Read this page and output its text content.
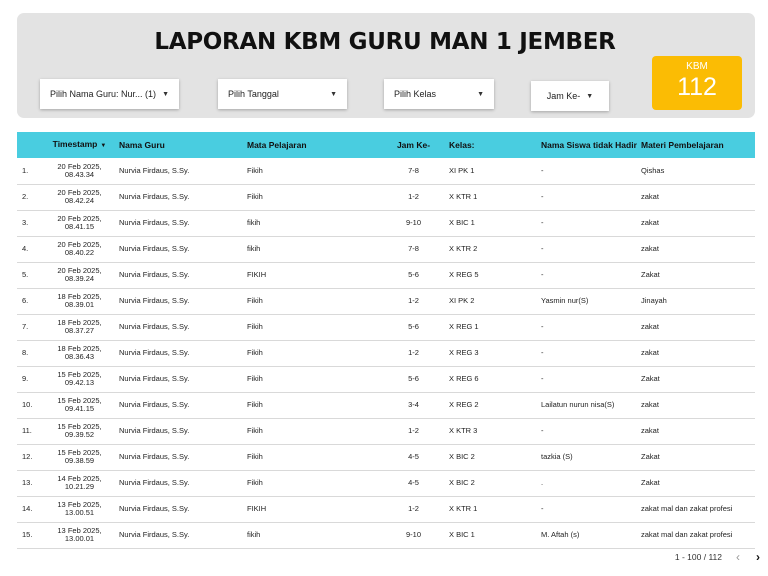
LAPORAN KBM GURU MAN 1 JEMBER
Pilih Nama Guru: Nur... (1) ▼	Pilih Tanggal	▼	Pilih Kelas	▼	Jam Ke- ▼
KBM
112
	Timestamp ▼	Nama Guru	Mata Pelajaran	Jam Ke-	Kelas:	Nama Siswa tidak Hadir	Materi Pembelajaran
1.	20 Feb 2025, 08.43.34	Nurvia Firdaus, S.Sy.	Fikih	7-8	XI PK 1	-	Qishas
2.	20 Feb 2025, 08.42.24	Nurvia Firdaus, S.Sy.	Fikih	1-2	X KTR 1	-	zakat
3.	20 Feb 2025, 08.41.15	Nurvia Firdaus, S.Sy.	fikih	9-10	X BIC 1	-	zakat
4.	20 Feb 2025, 08.40.22	Nurvia Firdaus, S.Sy.	fikih	7-8	X KTR 2	-	zakat
5.	20 Feb 2025, 08.39.24	Nurvia Firdaus, S.Sy.	FIKIH	5-6	X REG 5	-	Zakat
6.	18 Feb 2025, 08.39.01	Nurvia Firdaus, S.Sy.	Fikih	1-2	XI PK 2	Yasmin nur(S)	Jinayah
7.	18 Feb 2025, 08.37.27	Nurvia Firdaus, S.Sy.	Fikih	5-6	X REG 1	-	zakat
8.	18 Feb 2025, 08.36.43	Nurvia Firdaus, S.Sy.	Fikih	1-2	X REG 3	-	zakat
9.	15 Feb 2025, 09.42.13	Nurvia Firdaus, S.Sy.	Fikih	5-6	X REG 6	-	Zakat
10.	15 Feb 2025, 09.41.15	Nurvia Firdaus, S.Sy.	Fikih	3-4	X REG 2	Lailatun nurun nisa(S)	zakat
11.	15 Feb 2025, 09.39.52	Nurvia Firdaus, S.Sy.	Fikih	1-2	X KTR 3	-	zakat
12.	15 Feb 2025, 09.38.59	Nurvia Firdaus, S.Sy.	Fikih	4-5	X BIC 2	tazkia (S)	Zakat
13.	14 Feb 2025, 10.21.29	Nurvia Firdaus, S.Sy.	Fikih	4-5	X BIC 2	.	Zakat
14.	13 Feb 2025, 13.00.51	Nurvia Firdaus, S.Sy.	FIKIH	1-2	X KTR 1	-	zakat mal dan zakat profesi
15.	13 Feb 2025, 13.00.01	Nurvia Firdaus, S.Sy.	fikih	9-10	X BIC 1	M. Aftah (s)	zakat mal dan zakat profesi
1 - 100 / 112 ‹ ›
